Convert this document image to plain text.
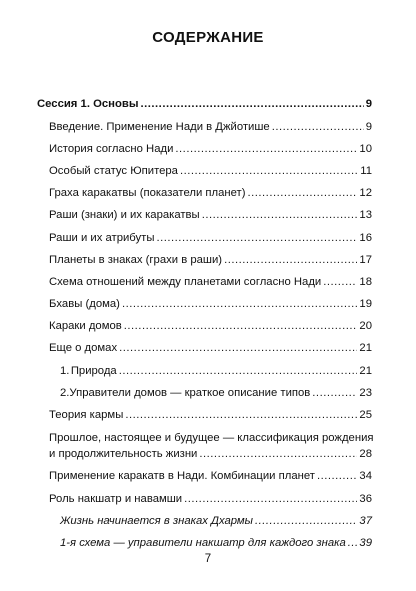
СОДЕРЖАНИЕ
Сессия 1. Основы .....	9
Введение. Применение Нади в Джйотише .....	9
История согласно Нади .....	10
Особый статус Юпитера .....	11
Граха каракатвы (показатели планет) .....	12
Раши (знаки) и их каракатвы .....	13
Раши и их атрибуты .....	16
Планеты в знаках (грахи в раши) .....	17
Схема отношений между планетами согласно Нади .....	18
Бхавы (дома) .....	19
Караки домов .....	20
Еще о домах .....	21
1. Природа .....	21
2. Управители домов — краткое описание типов .....	23
Теория кармы .....	25
Прошлое, настоящее и будущее — классификация рождения
и продолжительность жизни .....	28
Применение каракатв в Нади. Комбинации планет .....	34
Роль накшатр и навамши .....	36
Жизнь начинается в знаках Дхармы .....	37
1-я схема — управители накшатр для каждого знака ..... 39
7
